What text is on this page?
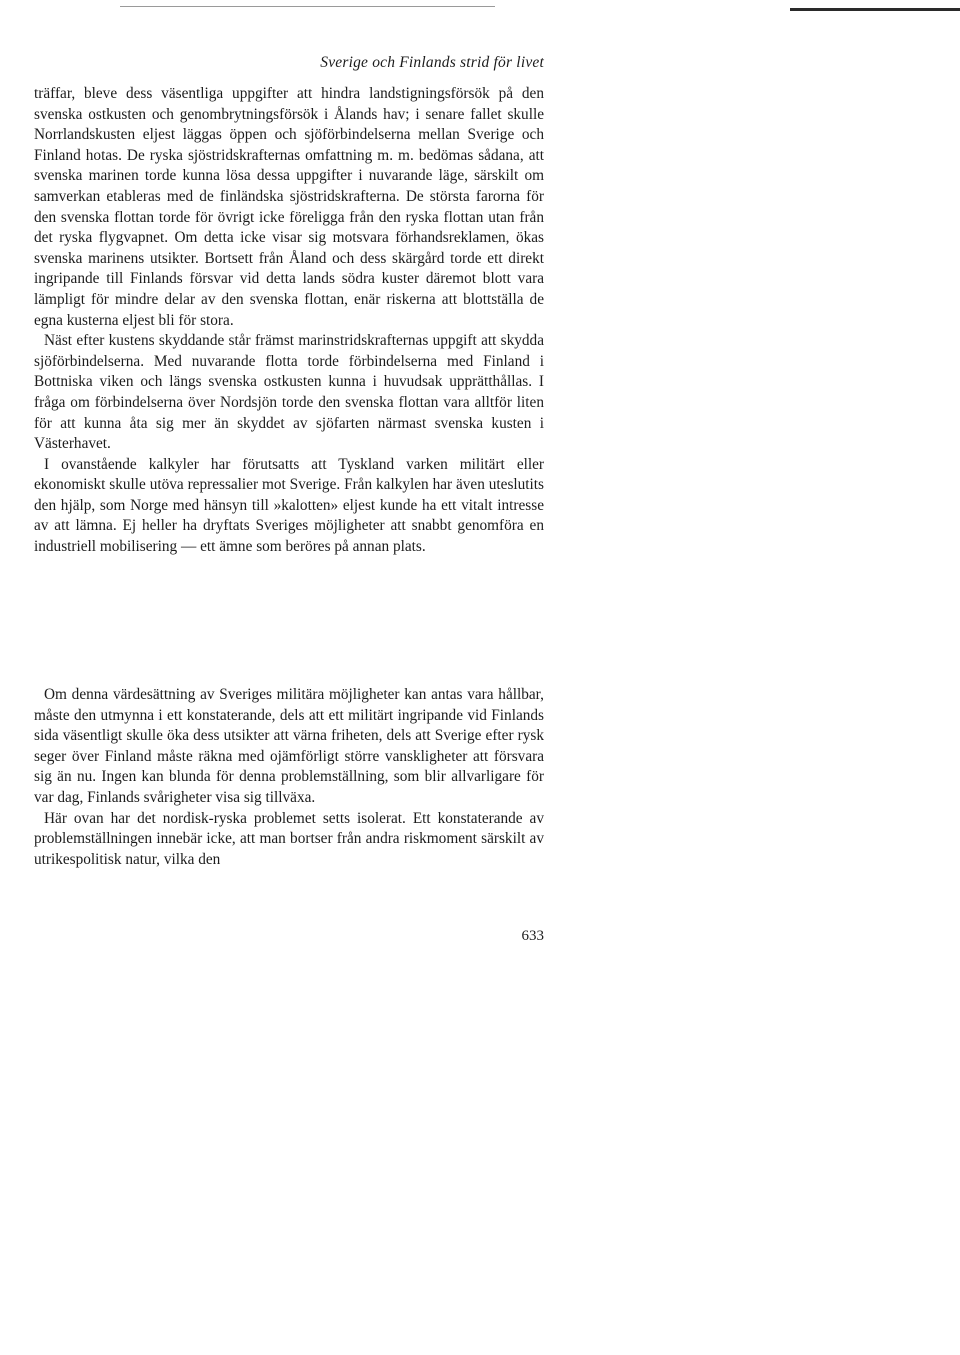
Sverige och Finlands strid för livet

träffar, bleve dess väsentliga uppgifter att hindra landstigningsförsök på den svenska ostkusten och genombrytningsförsök i Ålands hav; i senare fallet skulle Norrlandskusten eljest läggas öppen och sjöförbindelserna mellan Sverige och Finland hotas. De ryska sjöstridskrafternas omfattning m. m. bedömas sådana, att svenska marinen torde kunna lösa dessa uppgifter i nuvarande läge, särskilt om samverkan etableras med de finländska sjöstridskrafterna. De största farorna för den svenska flottan torde för övrigt icke föreligga från den ryska flottan utan från det ryska flygvapnet. Om detta icke visar sig motsvara förhandsreklamen, ökas svenska marinens utsikter. Bortsett från Åland och dess skärgård torde ett direkt ingripande till Finlands försvar vid detta lands södra kuster däremot blott vara lämpligt för mindre delar av den svenska flottan, enär riskerna att blottställa de egna kusterna eljest bli för stora.

Näst efter kustens skyddande står främst marinstridskrafternas uppgift att skydda sjöförbindelserna. Med nuvarande flotta torde förbindelserna med Finland i Bottniska viken och längs svenska ostkusten kunna i huvudsak upprätthållas. I fråga om förbindelserna över Nordsjön torde den svenska flottan vara alltför liten för att kunna åta sig mer än skyddet av sjöfarten närmast svenska kusten i Västerhavet.

I ovanstående kalkyler har förutsatts att Tyskland varken militärt eller ekonomiskt skulle utöva repressalier mot Sverige. Från kalkylen har även uteslutits den hjälp, som Norge med hänsyn till »kalotten» eljest kunde ha ett vitalt intresse av att lämna. Ej heller ha dryftats Sveriges möjligheter att snabbt genomföra en industriell mobilisering — ett ämne som beröres på annan plats.

Om denna värdesättning av Sveriges militära möjligheter kan antas vara hållbar, måste den utmynna i ett konstaterande, dels att ett militärt ingripande vid Finlands sida väsentligt skulle öka dess utsikter att värna friheten, dels att Sverige efter rysk seger över Finland måste räkna med ojämförligt större vanskligheter att försvara sig än nu. Ingen kan blunda för denna problemställning, som blir allvarligare för var dag, Finlands svårigheter visa sig tillväxa.

Här ovan har det nordisk-ryska problemet setts isolerat. Ett konstaterande av problemställningen innebär icke, att man bortser från andra riskmoment särskilt av utrikespolitisk natur, vilka den

633
